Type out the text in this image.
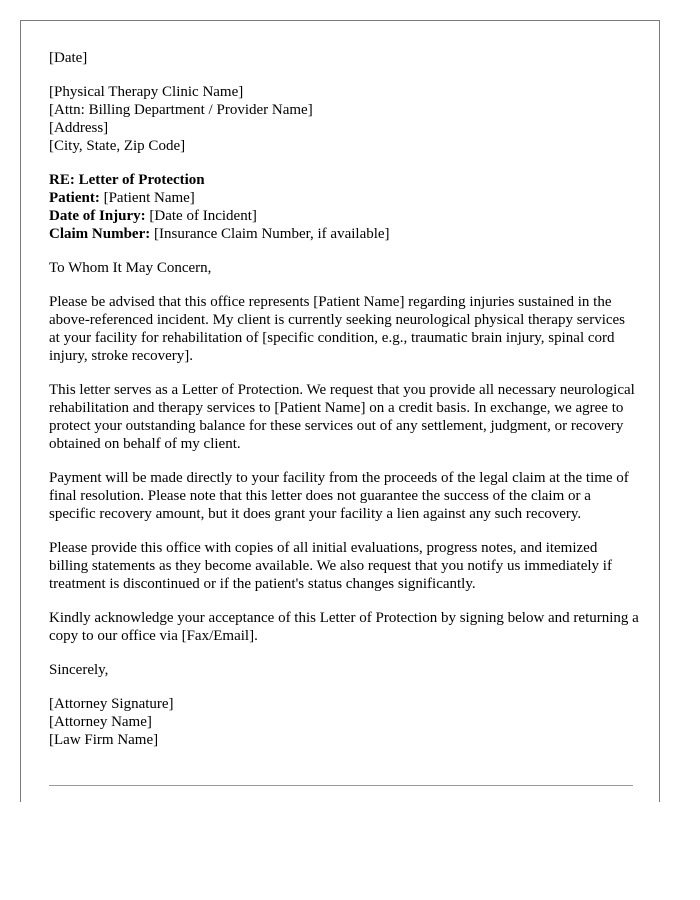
[Date]
[Physical Therapy Clinic Name]
[Attn: Billing Department / Provider Name]
[Address]
[City, State, Zip Code]
RE: Letter of Protection
Patient: [Patient Name]
Date of Injury: [Date of Incident]
Claim Number: [Insurance Claim Number, if available]

To Whom It May Concern,

Please be advised that this office represents [Patient Name] regarding injuries sustained in the above-referenced incident. My client is currently seeking neurological physical therapy services at your facility for rehabilitation of [specific condition, e.g., traumatic brain injury, spinal cord injury, stroke recovery].

This letter serves as a Letter of Protection. We request that you provide all necessary neurological rehabilitation and therapy services to [Patient Name] on a credit basis. In exchange, we agree to protect your outstanding balance for these services out of any settlement, judgment, or recovery obtained on behalf of my client.

Payment will be made directly to your facility from the proceeds of the legal claim at the time of final resolution. Please note that this letter does not guarantee the success of the claim or a specific recovery amount, but it does grant your facility a lien against any such recovery.

Please provide this office with copies of all initial evaluations, progress notes, and itemized billing statements as they become available. We also request that you notify us immediately if treatment is discontinued or if the patient's status changes significantly.

Kindly acknowledge your acceptance of this Letter of Protection by signing below and returning a copy to our office via [Fax/Email].

Sincerely,

[Attorney Signature]
[Attorney Name]
[Law Firm Name]
